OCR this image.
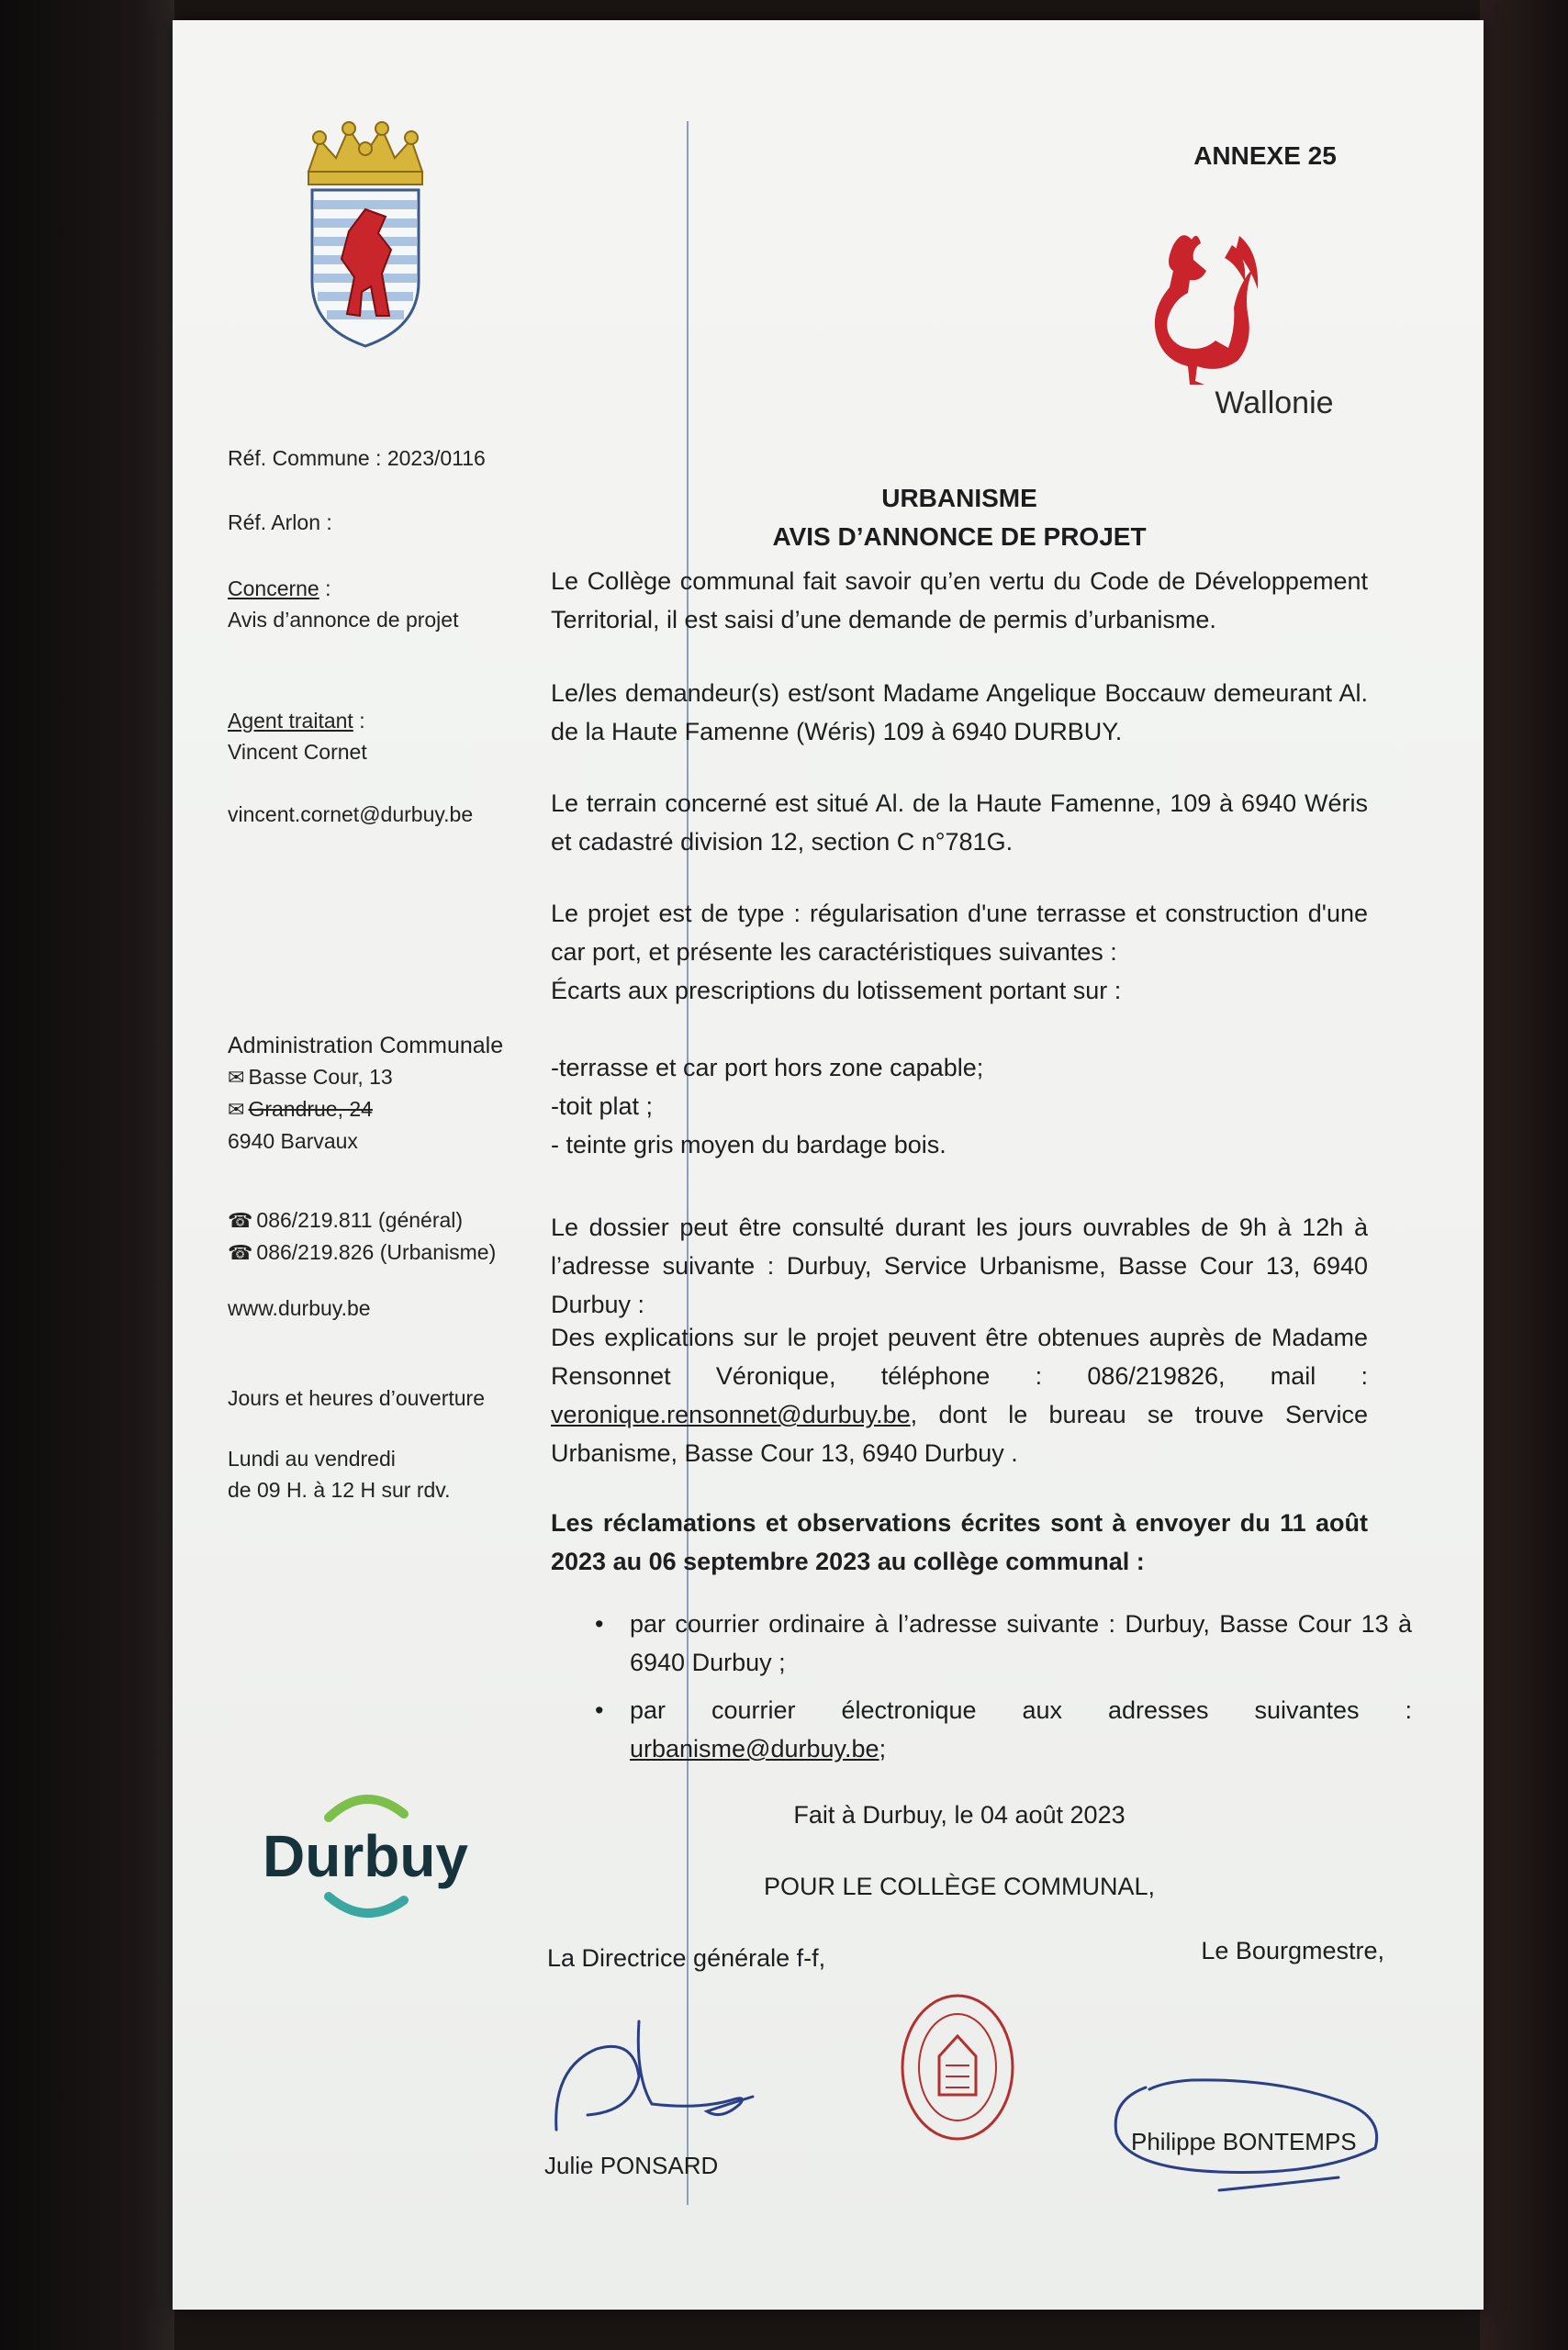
ANNEXE 25
Wallonie
Réf. Commune : 2023/0116
Réf. Arlon :
Concerne :
Avis d’annonce de projet
Agent traitant :
Vincent Cornet
vincent.cornet@durbuy.be
Administration Communale
✉ Basse Cour, 13
✉ Grandrue, 24
6940 Barvaux
☎ 086/219.811 (général)
☎ 086/219.826 (Urbanisme)
www.durbuy.be
Jours et heures d’ouverture
Lundi au vendredi
de 09 H. à 12 H sur rdv.
Durbuy
URBANISME
AVIS D’ANNONCE DE PROJET
Le Collège communal fait savoir qu’en vertu du Code de Développement Territorial, il est saisi d’une demande de permis d’urbanisme.
Le/les demandeur(s) est/sont Madame Angelique Boccauw demeurant Al. de la Haute Famenne (Wéris) 109 à 6940 DURBUY.
Le terrain concerné est situé Al. de la Haute Famenne, 109 à 6940 Wéris et cadastré division 12, section C n°781G.
Le projet est de type : régularisation d'une terrasse et construction d'une car port, et présente les caractéristiques suivantes :
Écarts aux prescriptions du lotissement portant sur :
-terrasse et car port hors zone capable;
-toit plat ;
- teinte gris moyen du bardage bois.
Le dossier peut être consulté durant les jours ouvrables de 9h à 12h à l’adresse suivante : Durbuy, Service Urbanisme, Basse Cour 13, 6940 Durbuy :
Des explications sur le projet peuvent être obtenues auprès de Madame Rensonnet Véronique, téléphone : 086/219826, mail : veronique.rensonnet@durbuy.be, dont le bureau se trouve Service Urbanisme, Basse Cour 13, 6940 Durbuy .
Les réclamations et observations écrites sont à envoyer du 11 août 2023 au 06 septembre 2023 au collège communal :
• par courrier ordinaire à l’adresse suivante : Durbuy, Basse Cour 13 à 6940 Durbuy ;
• par courrier électronique aux adresses suivantes : urbanisme@durbuy.be;
Fait à Durbuy, le 04 août 2023
POUR LE COLLÈGE COMMUNAL,
La Directrice générale f-f,	Le Bourgmestre,
Julie PONSARD
Philippe BONTEMPS
